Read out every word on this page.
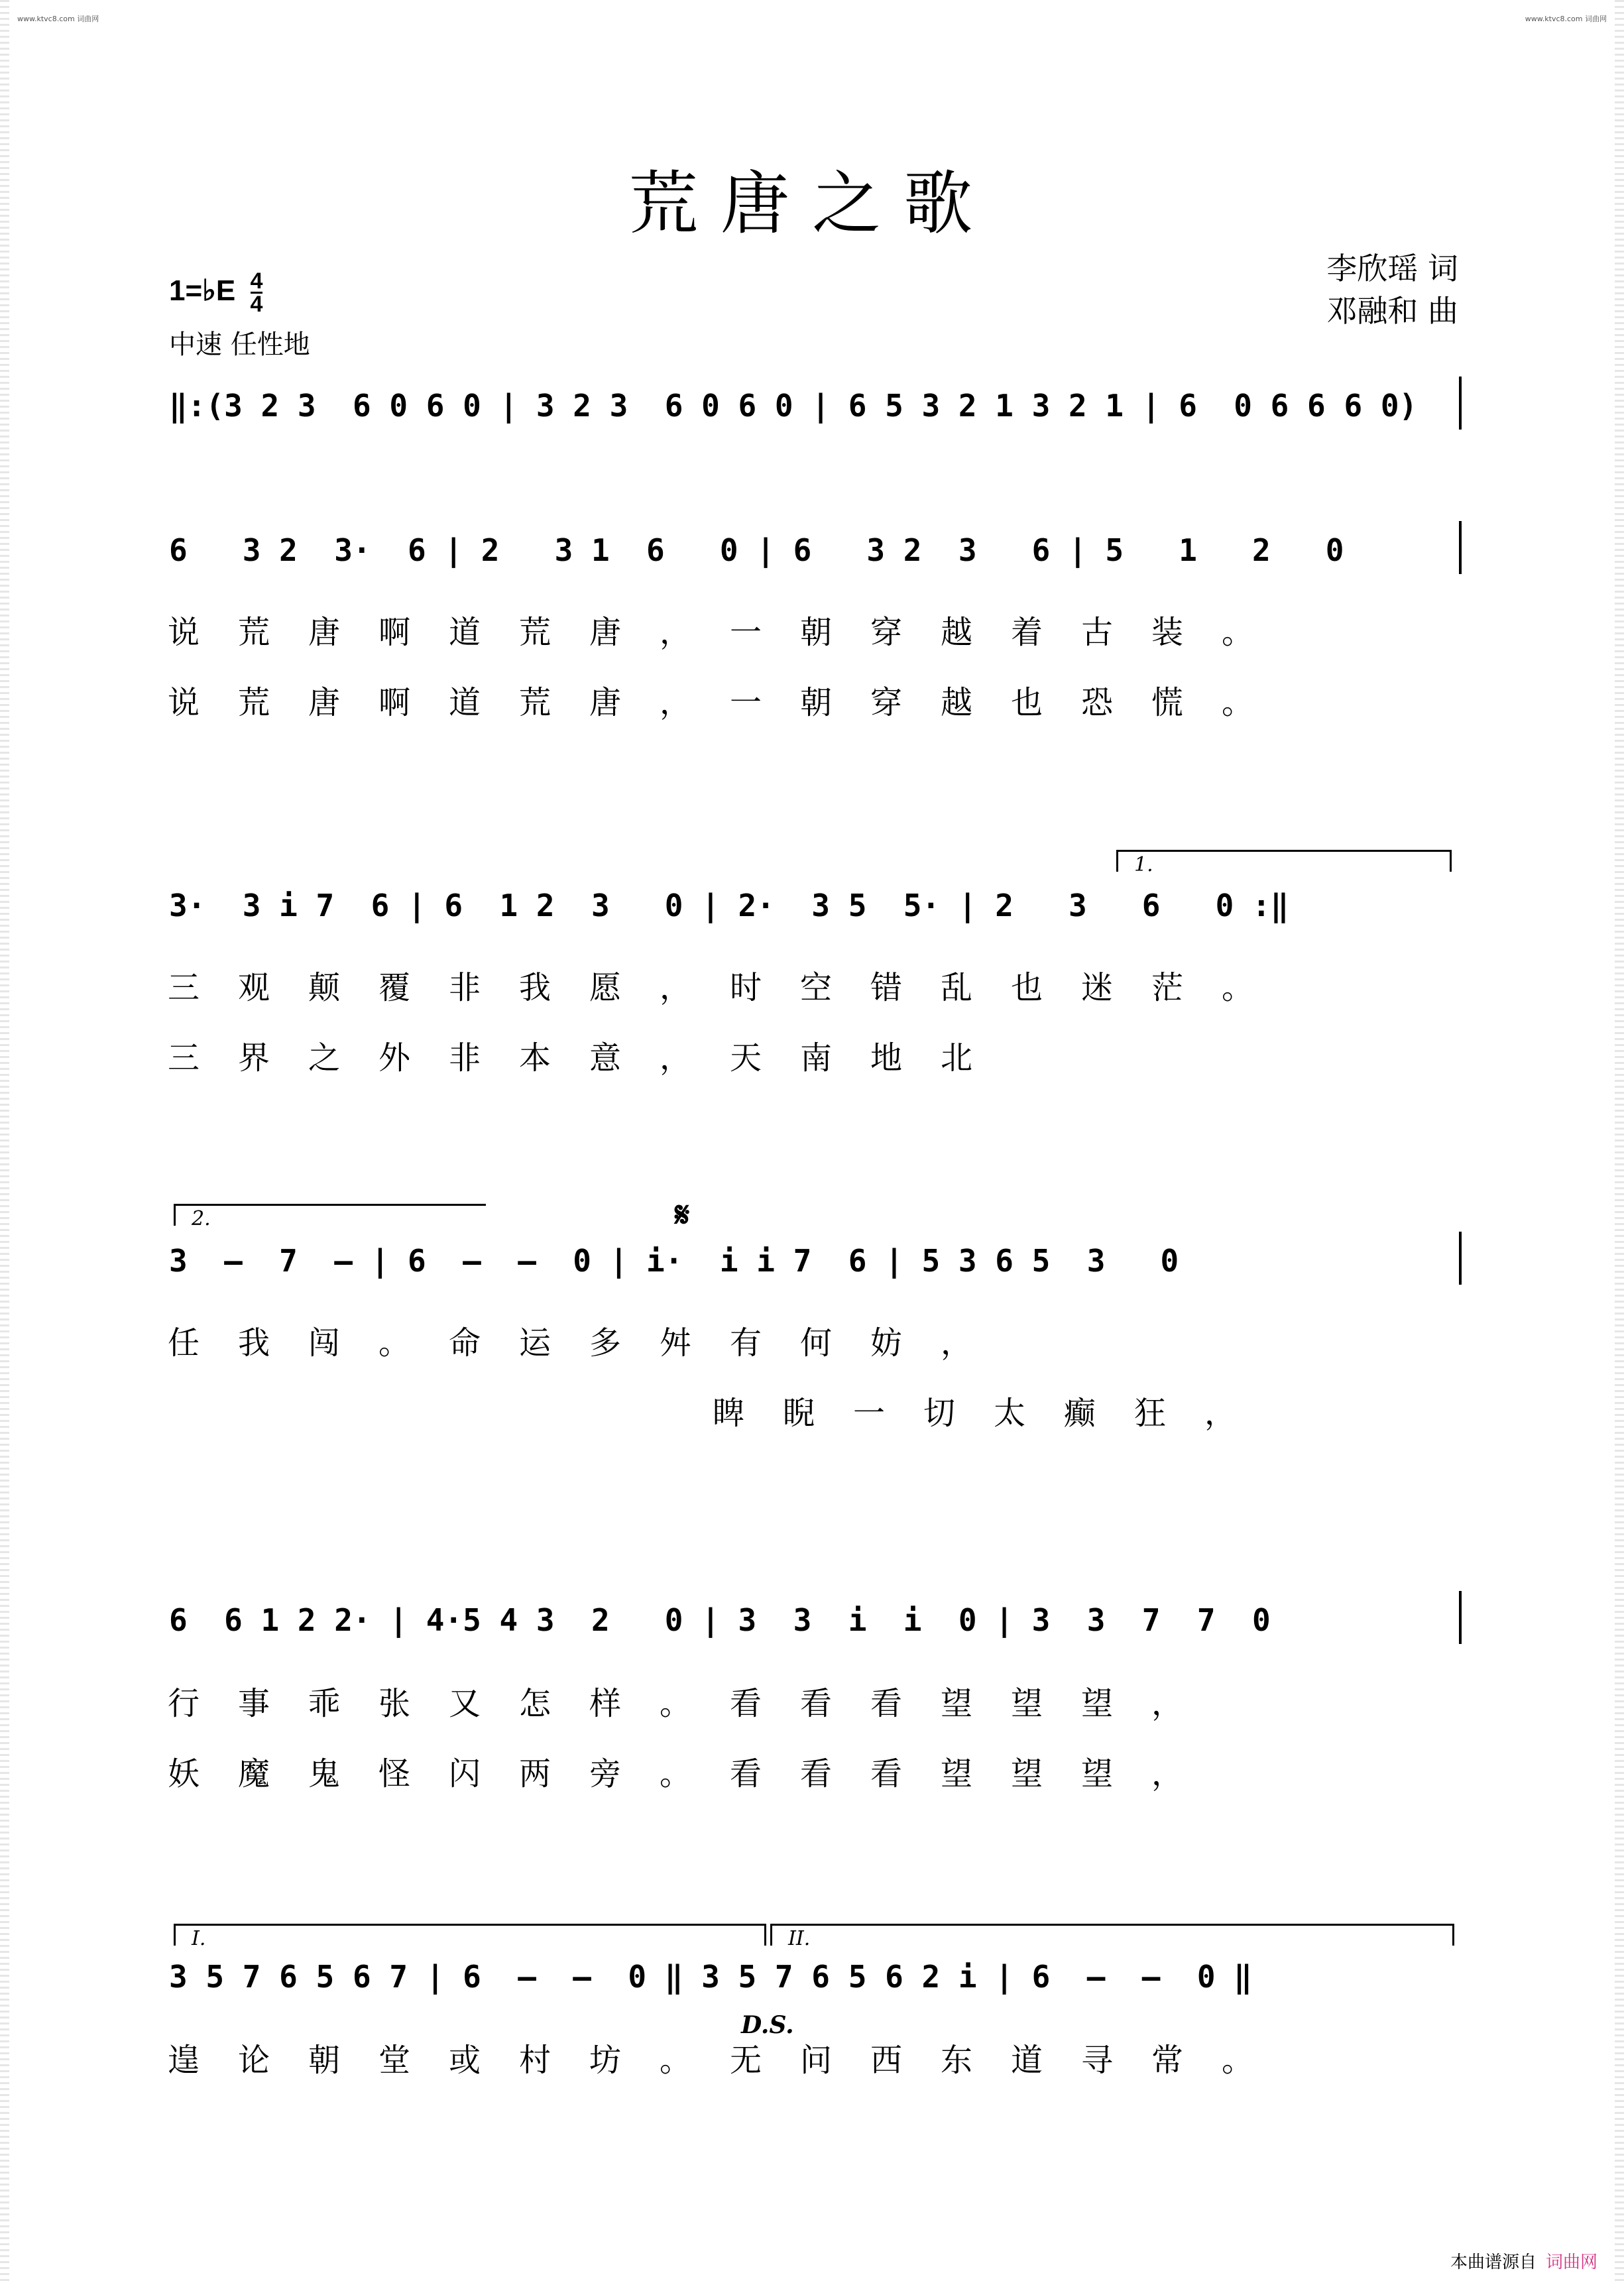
www.ktvc8.com 词曲网	www.ktvc8.com 词曲网
荒唐之歌
李欣瑶 词
邓融和 曲
1=♭E $\frac{4}{4}$
中速 任性地
‖:(3 2 3  6 0 6 0 | 3 2 3  6 0 6 0 | 6 5 3 2 1 3 2 1 | 6  0 6 6 6 0)
6   3 2  3·  6 | 2   3 1  6   0 | 6   3 2  3   6 | 5   1   2   0
说荒唐啊道荒唐，一朝穿越着古装。
说荒唐啊道荒唐，一朝穿越也恐慌。
1.
3·  3 i 7  6 | 6  1 2  3   0 | 2·  3 5  5· | 2   3   6   0 :‖
三观颠覆非我愿，时空错乱也迷茫。
三界之外非本意，天南地北
2.	𝄋
3  –  7  – | 6  –  –  0 | i·  i i 7  6 | 5 3 6 5  3   0
任我闯。命运多舛有何妨，
睥睨一切太癫狂，
6  6 1 2 2· | 4·5 4 3  2   0 | 3  3  i  i  0 | 3  3  7  7  0
行事乖张又怎样。看看看望望望，
妖魔鬼怪闪两旁。看看看望望望，
I.	II.
3 5 7 6 5 6 7 | 6  –  –  0 ‖ 3 5 7 6 5 6 2 i | 6  –  –  0 ‖
D.S.
遑论朝堂或村坊。无问西东道寻常。
本曲谱源自 词曲网
